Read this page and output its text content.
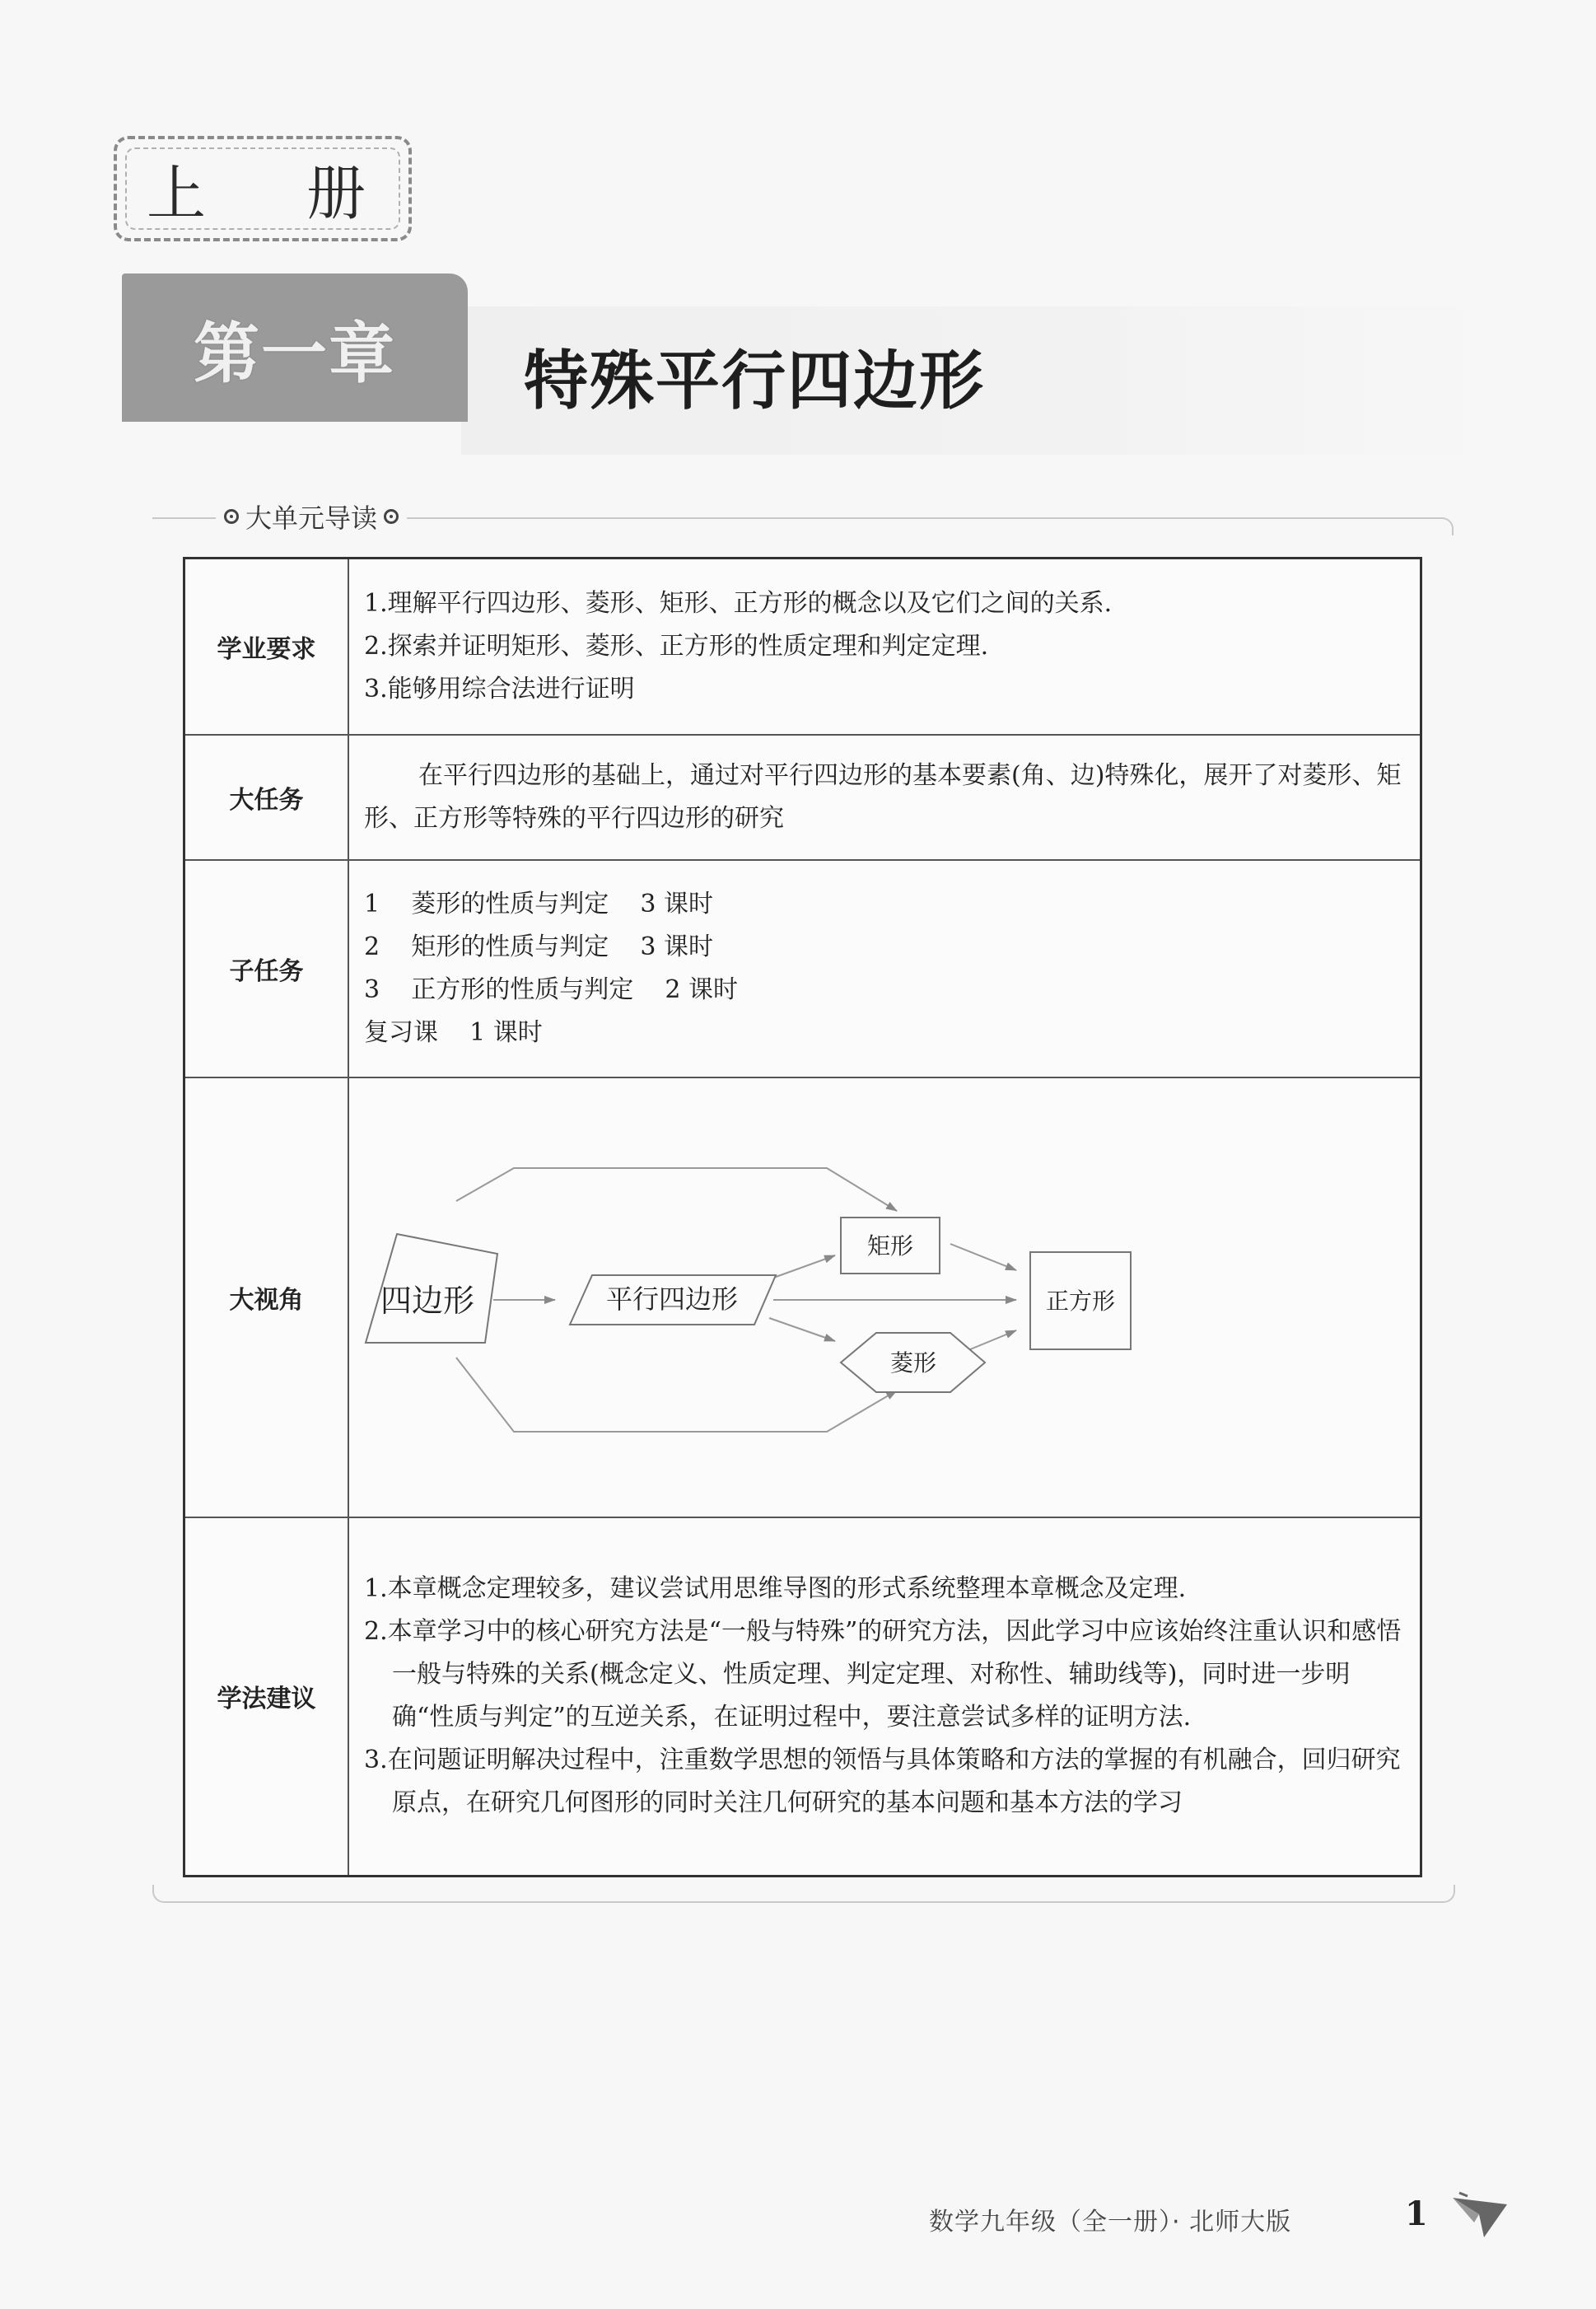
上 册
第一章	特殊平行四边形
大单元导读
学业要求	1.理解平行四边形、菱形、矩形、正方形的概念以及它们之间的关系.
2.探索并证明矩形、菱形、正方形的性质定理和判定定理.
3.能够用综合法进行证明

大任务	在平行四边形的基础上，通过对平行四边形的基本要素(角、边)特殊化，展开了对菱形、矩形、正方形等特殊的平行四边形的研究

子任务	1 菱形的性质与判定 3 课时
2 矩形的性质与判定 3 课时
3 正方形的性质与判定 2 课时
复习课 1 课时

大视角	四边形 平行四边形
矩形
菱形
正方形

学法建议	1.本章概念定理较多，建议尝试用思维导图的形式系统整理本章概念及定理.
2.本章学习中的核心研究方法是“一般与特殊”的研究方法，因此学习中应该始终注重认识和感悟一般与特殊的关系(概念定义、性质定理、判定定理、对称性、辅助线等)，同时进一步明确“性质与判定”的互逆关系，在证明过程中，要注意尝试多样的证明方法.
3.在问题证明解决过程中，注重数学思想的领悟与具体策略和方法的掌握的有机融合，回归研究原点，在研究几何图形的同时关注几何研究的基本问题和基本方法的学习
数学九年级（全一册）· 北师大版	1
